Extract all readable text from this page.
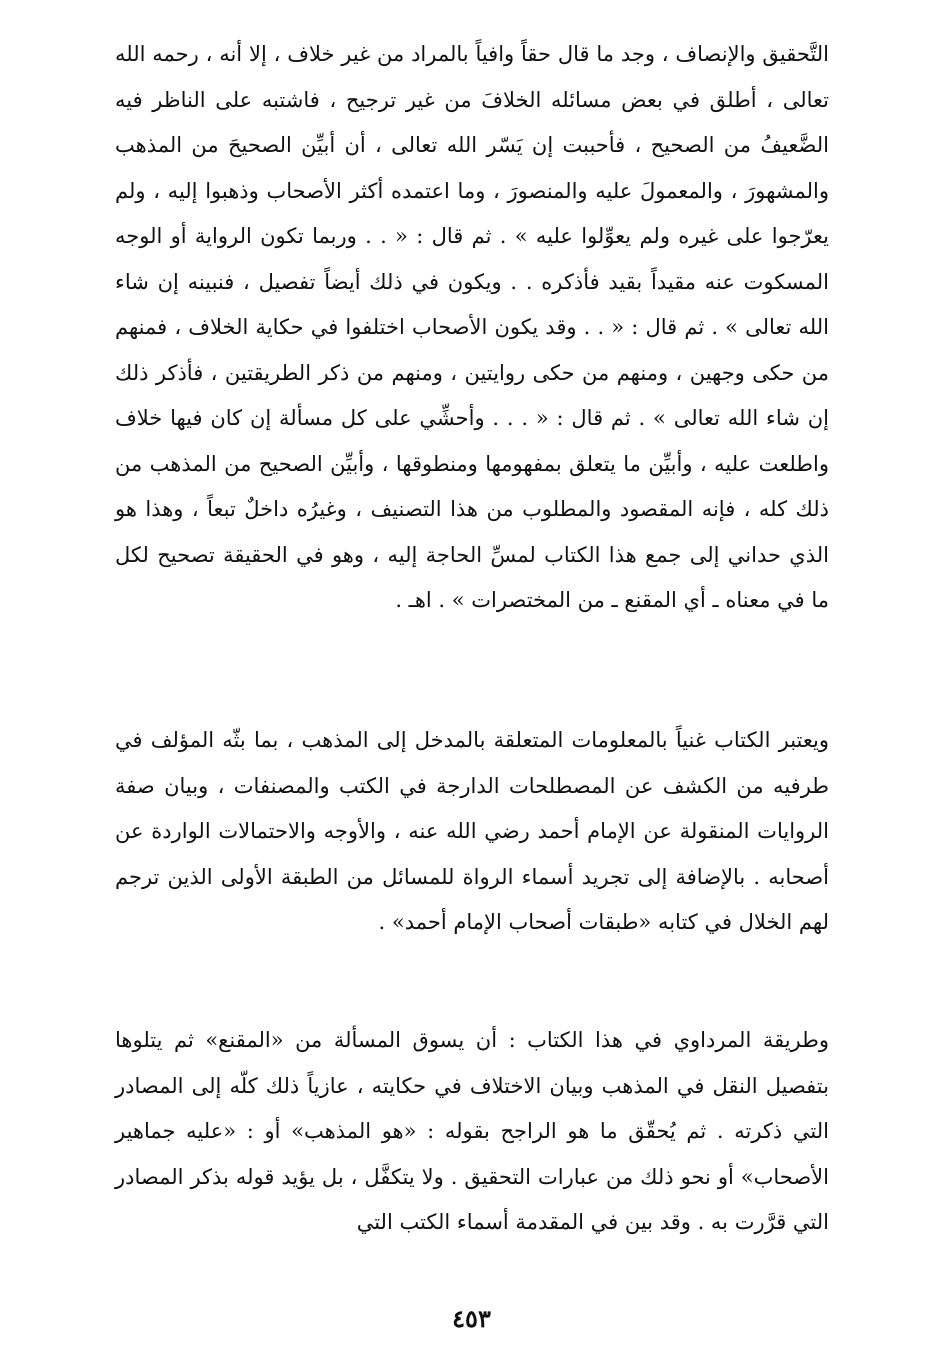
التَّحقيق والإنصاف ، وجد ما قال حقاً وافياً بالمراد من غير خلاف ، إلا أنه ، رحمه الله تعالى ، أطلق في بعض مسائله الخلافَ من غير ترجيح ، فاشتبه على الناظر فيه الضَّعيفُ من الصحيح ، فأحببت إن يَسّر الله تعالى ، أن أبيِّن الصحيحَ من المذهب والمشهورَ ، والمعمولَ عليه والمنصورَ ، وما اعتمده أكثر الأصحاب وذهبوا إليه ، ولم يعرّجوا على غيره ولم يعوِّلوا عليه » . ثم قال : « . . وربما تكون الرواية أو الوجه المسكوت عنه مقيداً بقيد فأذكره . . ويكون في ذلك أيضاً تفصيل ، فنبينه إن شاء الله تعالى » . ثم قال : « . . وقد يكون الأصحاب اختلفوا في حكاية الخلاف ، فمنهم من حكى وجهين ، ومنهم من حكى روايتين ، ومنهم من ذكر الطريقتين ، فأذكر ذلك إن شاء الله تعالى » . ثم قال : « . . . وأحشِّي على كل مسألة إن كان فيها خلاف واطلعت عليه ، وأبيِّن ما يتعلق بمفهومها ومنطوقها ، وأبيِّن الصحيح من المذهب من ذلك كله ، فإنه المقصود والمطلوب من هذا التصنيف ، وغيرُه داخلٌ تبعاً ، وهذا هو الذي حداني إلى جمع هذا الكتاب لمسِّ الحاجة إليه ، وهو في الحقيقة تصحيح لكل ما في معناه ـ أي المقنع ـ من المختصرات » . اهـ .

ويعتبر الكتاب غنياً بالمعلومات المتعلقة بالمدخل إلى المذهب ، بما بثّه المؤلف في طرفيه من الكشف عن المصطلحات الدارجة في الكتب والمصنفات ، وبيان صفة الروايات المنقولة عن الإمام أحمد رضي الله عنه ، والأوجه والاحتمالات الواردة عن أصحابه . بالإضافة إلى تجريد أسماء الرواة للمسائل من الطبقة الأولى الذين ترجم لهم الخلال في كتابه «طبقات أصحاب الإمام أحمد» .

وطريقة المرداوي في هذا الكتاب : أن يسوق المسألة من «المقنع» ثم يتلوها بتفصيل النقل في المذهب وبيان الاختلاف في حكايته ، عازياً ذلك كلّه إلى المصادر التي ذكرته . ثم يُحقّق ما هو الراجح بقوله : «هو المذهب» أو : «عليه جماهير الأصحاب» أو نحو ذلك من عبارات التحقيق . ولا يتكفَّل ، بل يؤيد قوله بذكر المصادر التي قرَّرت به . وقد بين في المقدمة أسماء الكتب التي

٤٥٣
